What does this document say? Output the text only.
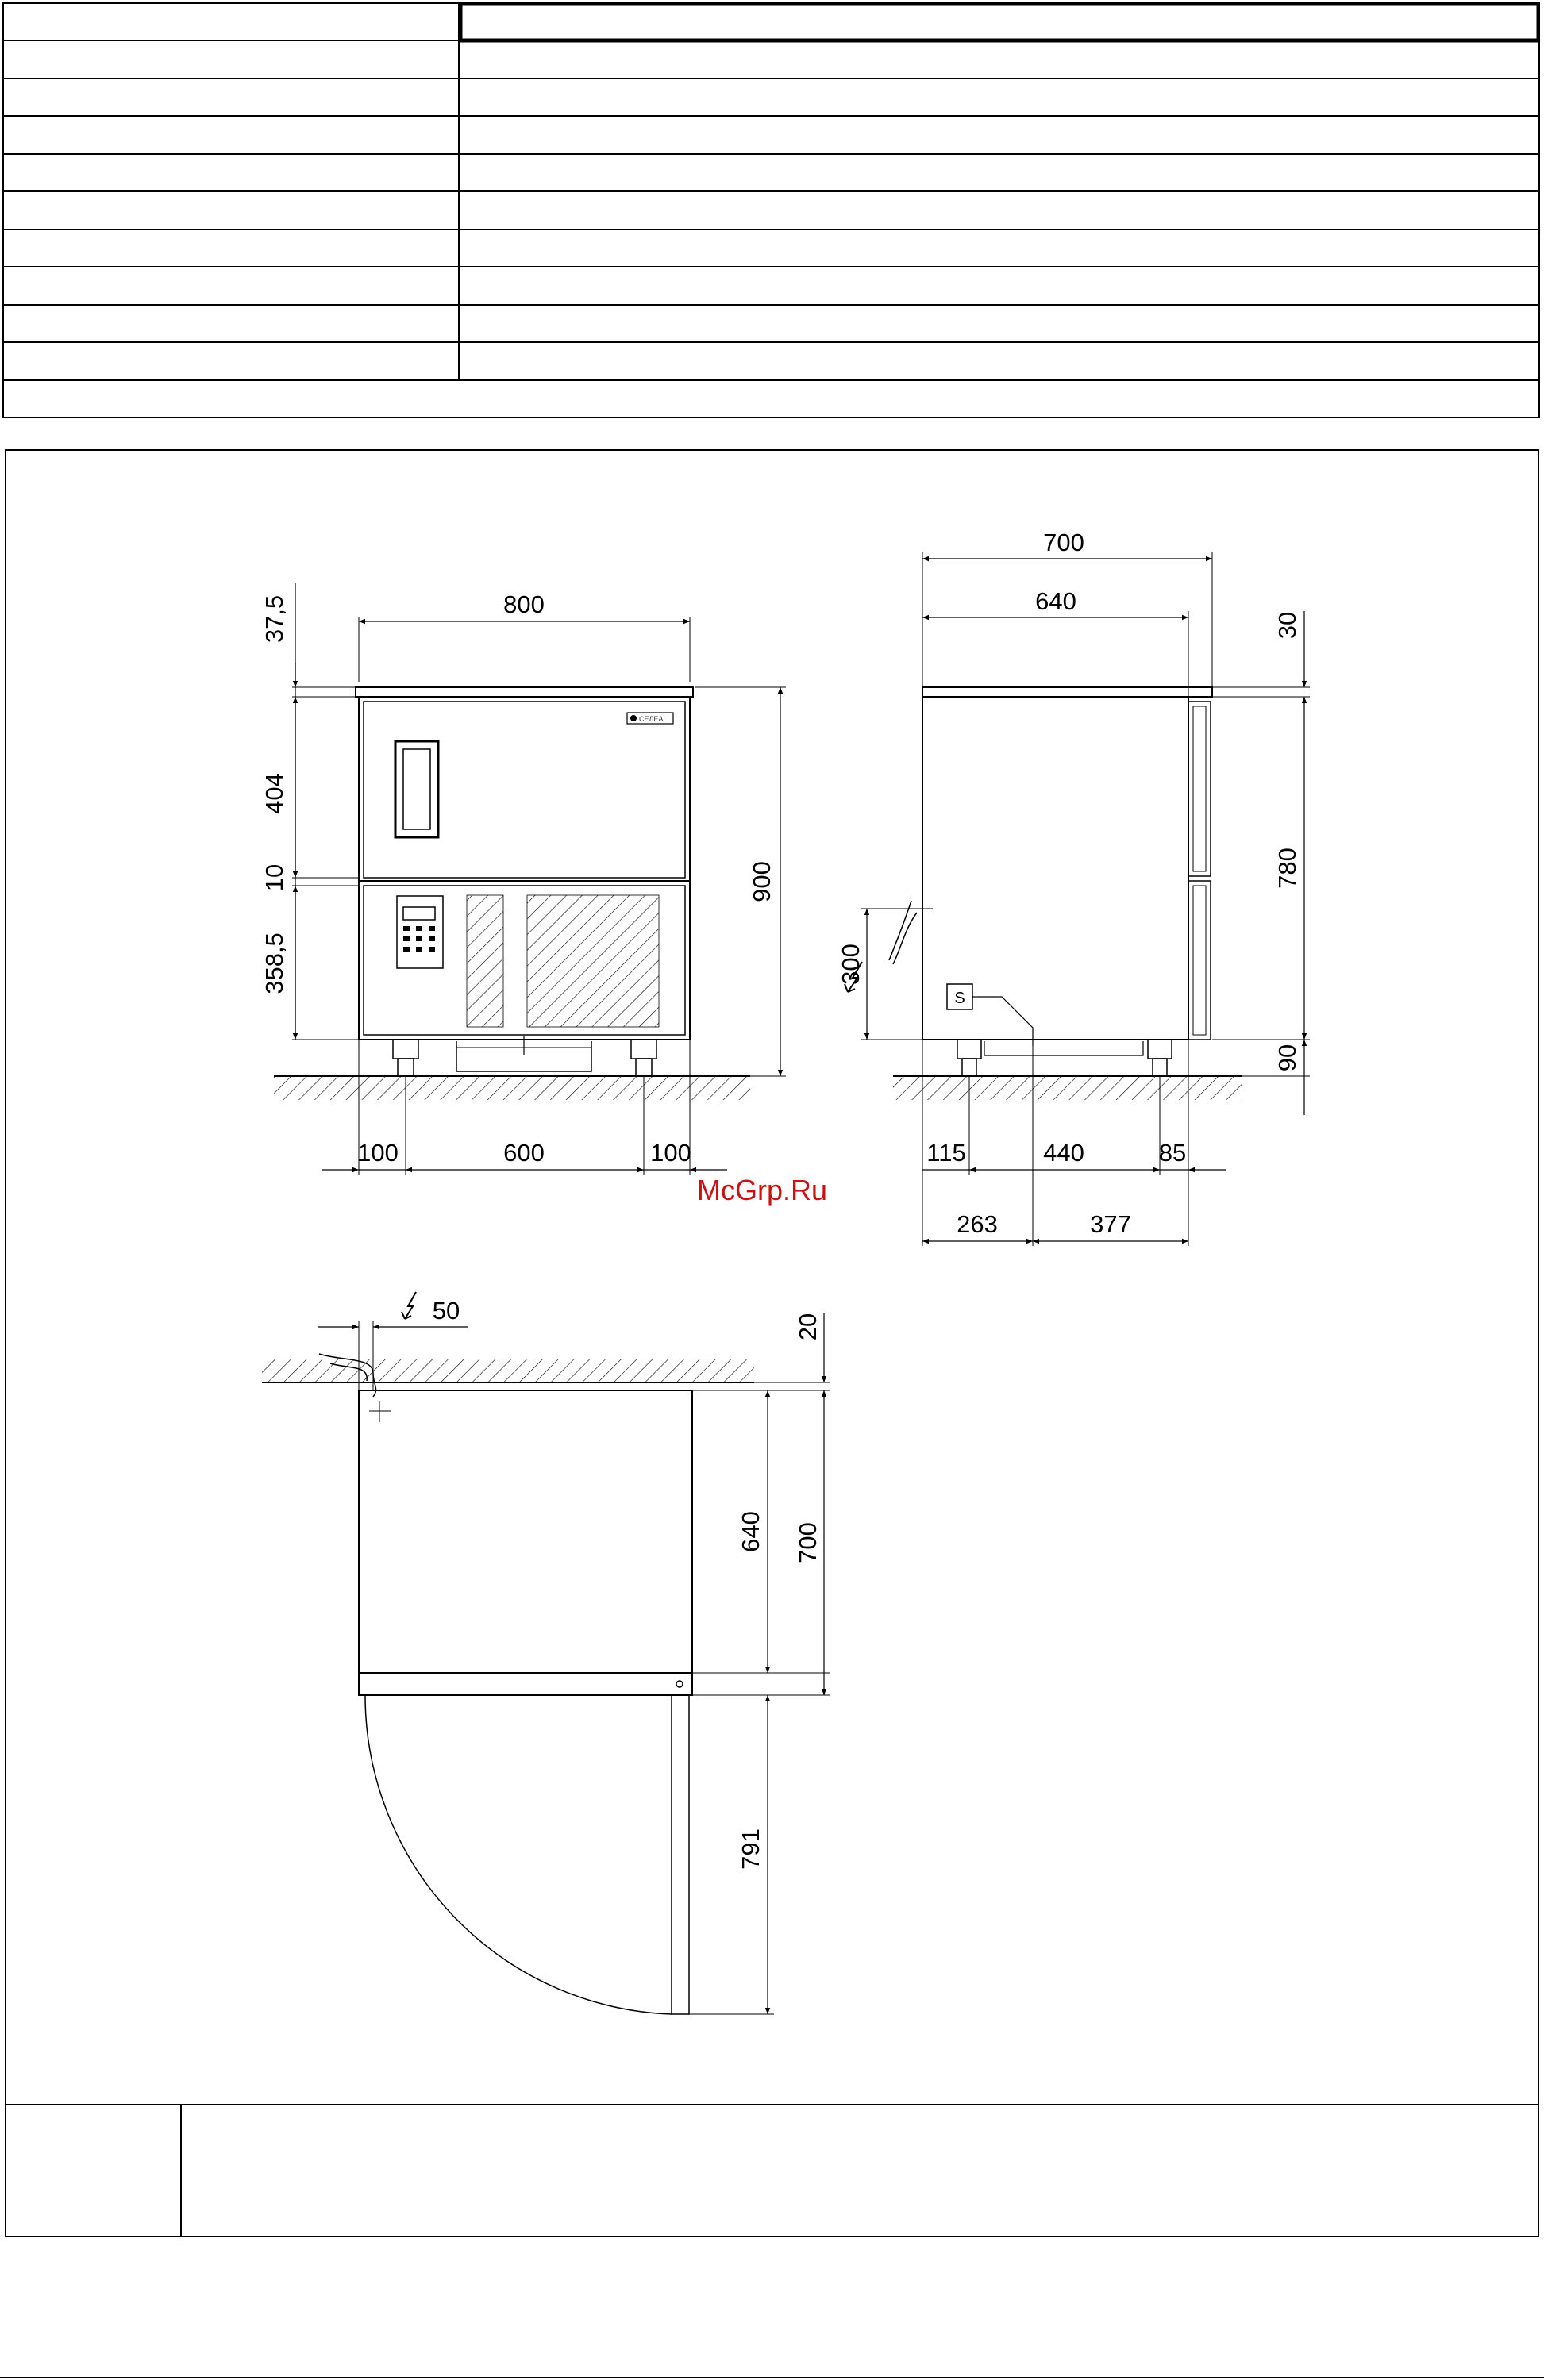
800
37,5
404
10
358,5
900
100	600	100
CЕЛЕА
700
640
30
780
90
300
115	440	85
263	377
S
McGrp.Ru
50
20
640 700
791
